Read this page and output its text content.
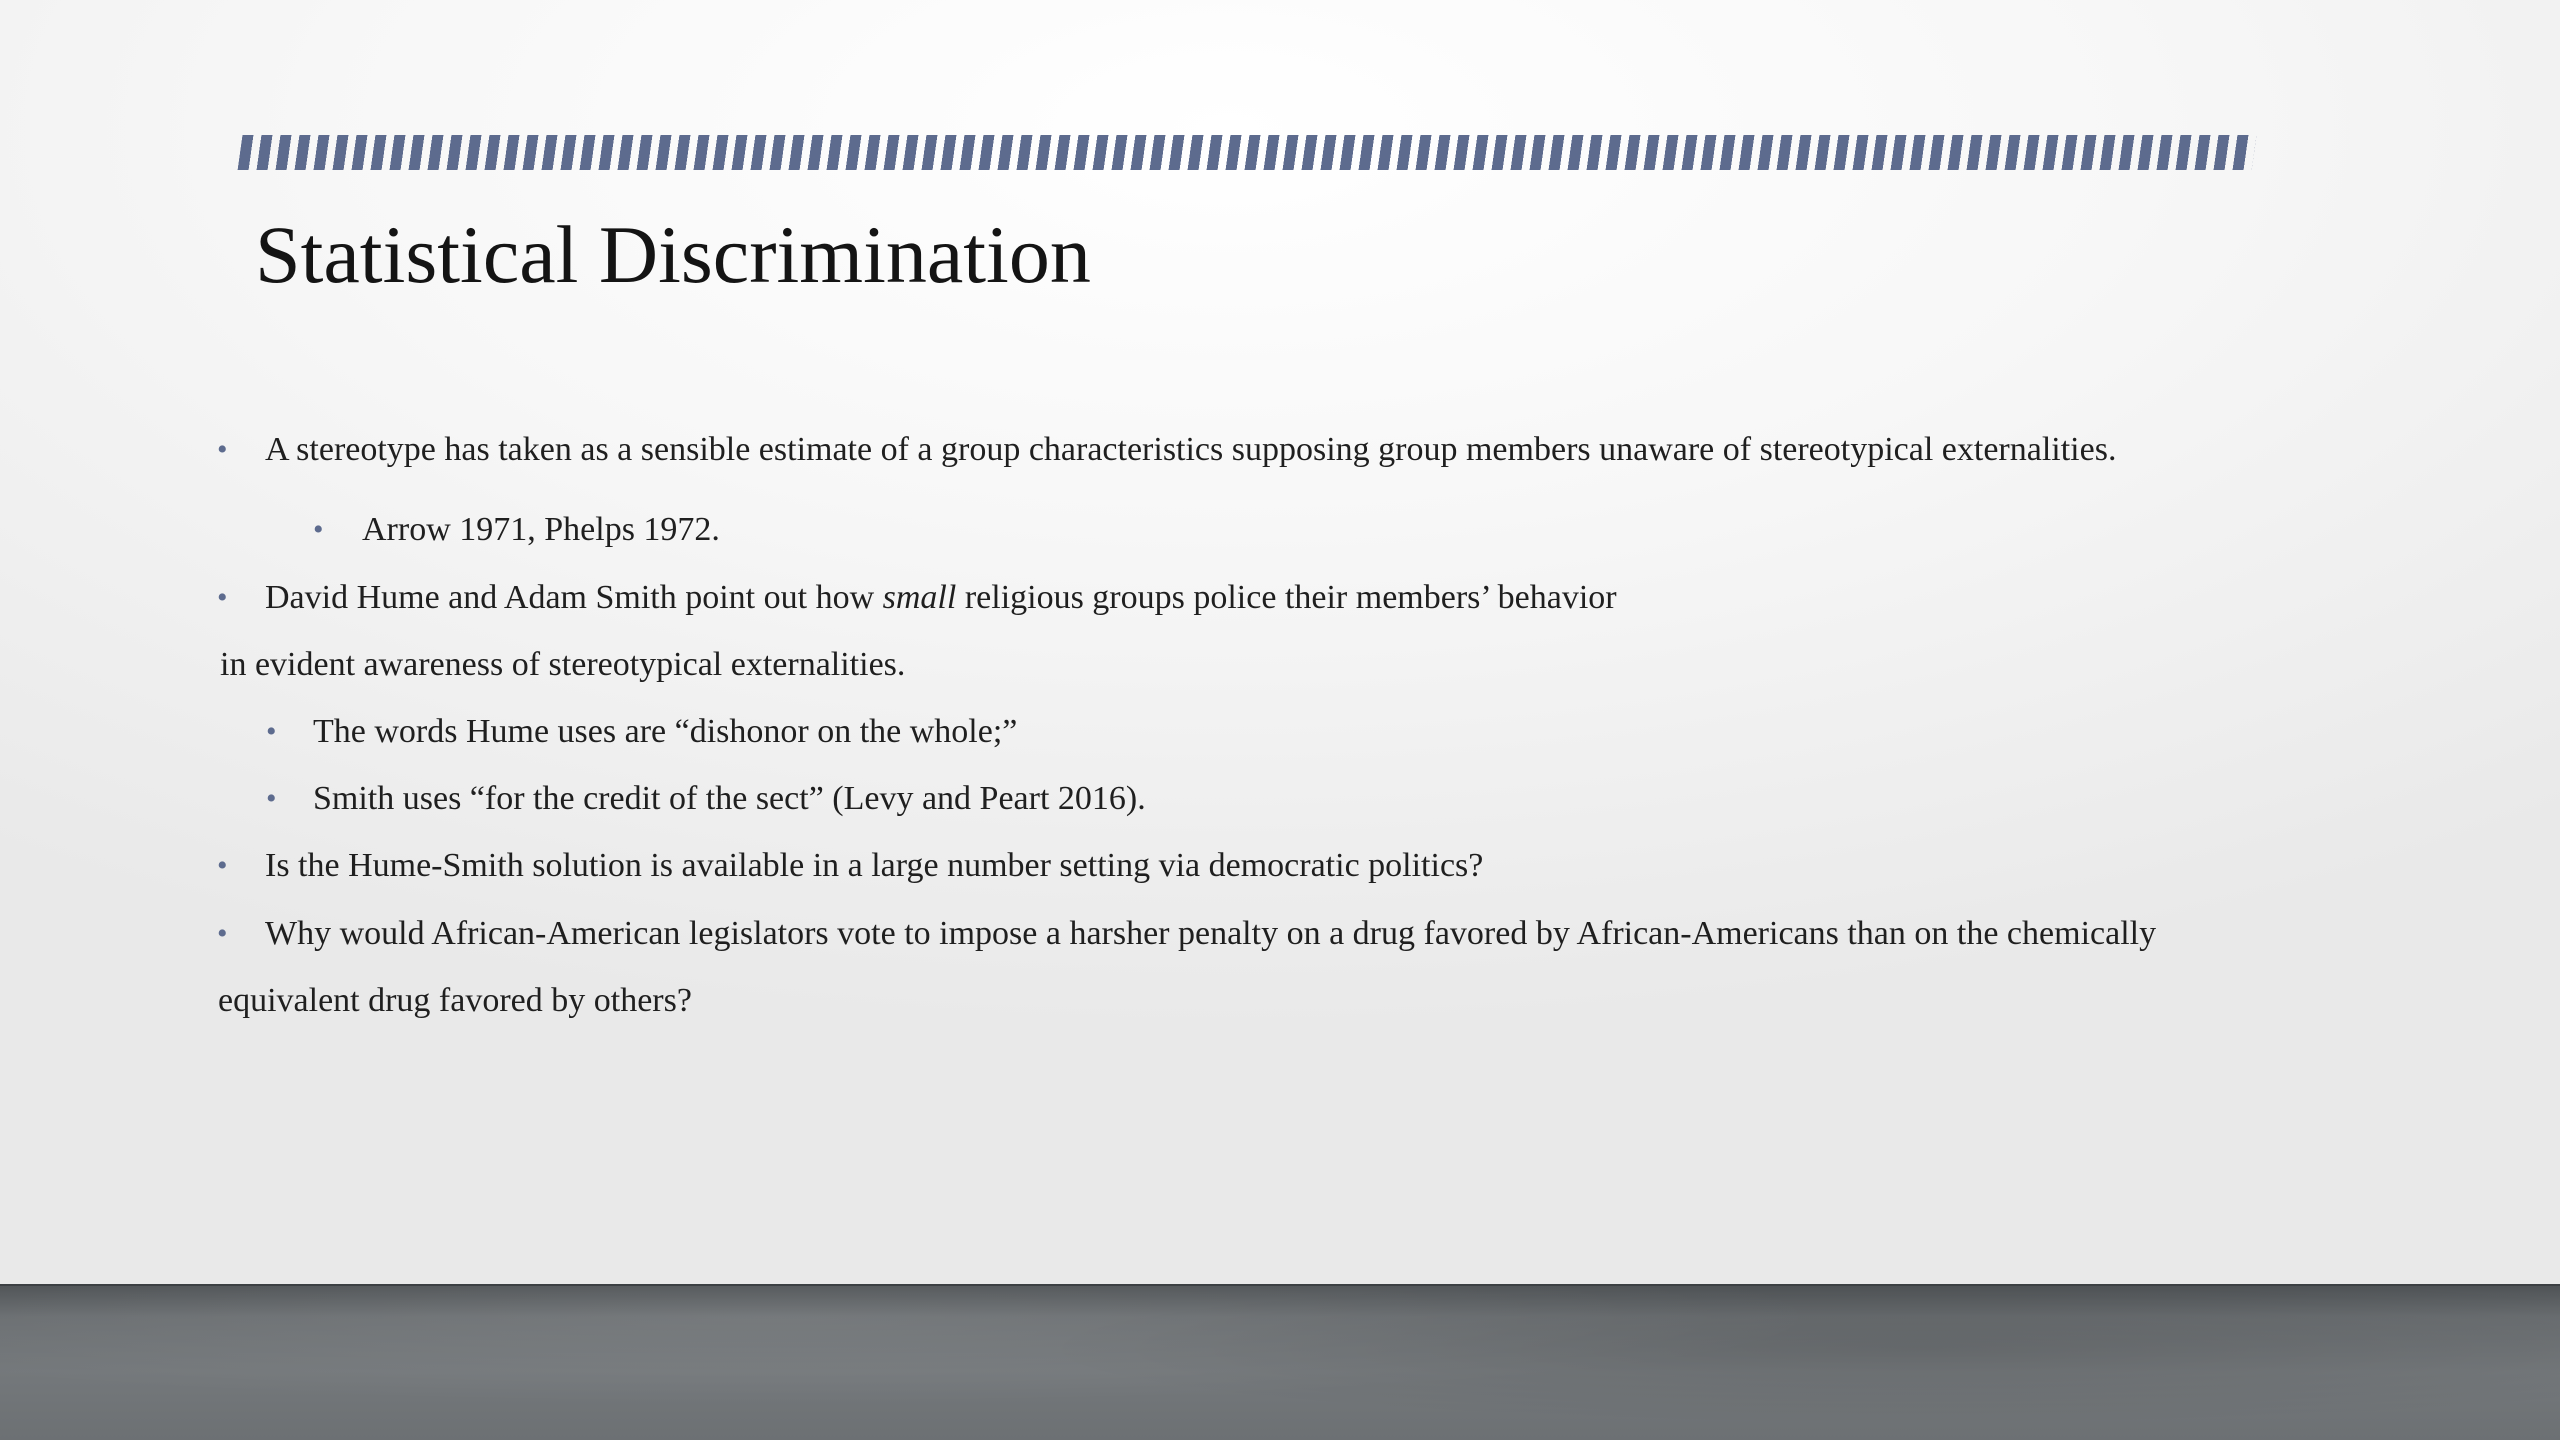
Statistical Discrimination
• A stereotype has taken as a sensible estimate of a group characteristics supposing group members unaware of stereotypical externalities.
• Arrow 1971, Phelps 1972.
• David Hume and Adam Smith point out how small religious groups police their members’ behavior
in evident awareness of stereotypical externalities.
• The words Hume uses are “dishonor on the whole;”
• Smith uses “for the credit of the sect” (Levy and Peart 2016).
• Is the Hume-Smith solution is available in a large number setting via democratic politics?
• Why would African-American legislators vote to impose a harsher penalty on a drug favored by African-Americans than on the chemically
equivalent drug favored by others?
